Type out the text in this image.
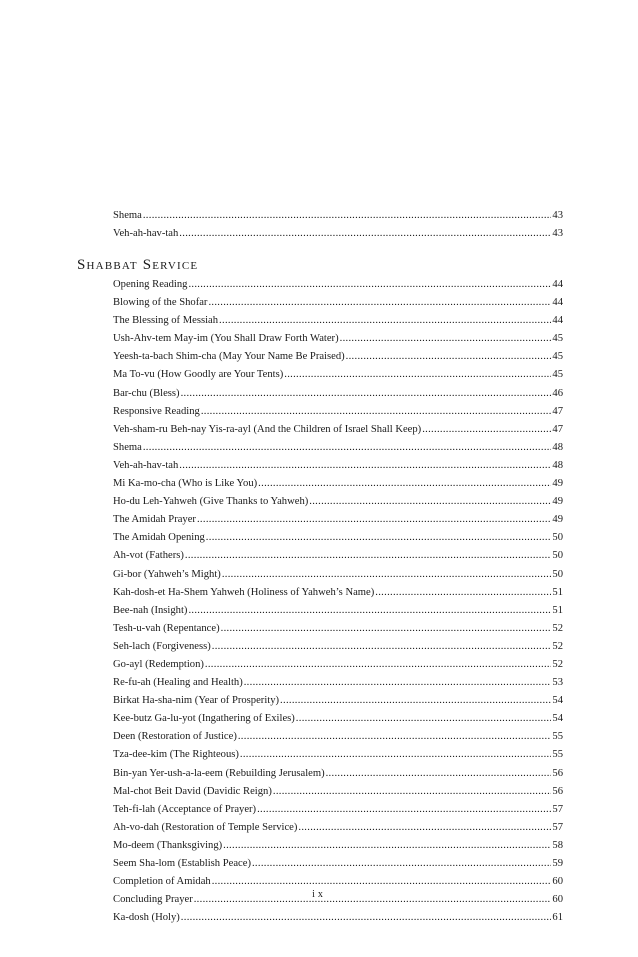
Shema .....	43
Veh-ah-hav-tah .....	43
Shabbat Service
Opening Reading .....	44
Blowing of the Shofar .....	44
The Blessing of Messiah .....	44
Ush-Ahv-tem May-im (You Shall Draw Forth Water) .....	45
Yeesh-ta-bach Shim-cha (May Your Name Be Praised) .....	45
Ma To-vu (How Goodly are Your Tents) .....	45
Bar-chu (Bless) .....	46
Responsive Reading .....	47
Veh-sham-ru Beh-nay Yis-ra-ayl (And the Children of Israel Shall Keep) .....	47
Shema .....	48
Veh-ah-hav-tah .....	48
Mi Ka-mo-cha (Who is Like You) .....	49
Ho-du Leh-Yahweh (Give Thanks to Yahweh) .....	49
The Amidah Prayer .....	49
The Amidah Opening .....	50
Ah-vot (Fathers) .....	50
Gi-bor (Yahweh’s Might) .....	50
Kah-dosh-et Ha-Shem Yahweh (Holiness of Yahweh’s Name) .....	51
Bee-nah (Insight) .....	51
Tesh-u-vah (Repentance) .....	52
Seh-lach (Forgiveness) .....	52
Go-ayl (Redemption) .....	52
Re-fu-ah (Healing and Health) .....	53
Birkat Ha-sha-nim (Year of Prosperity) .....	54
Kee-butz Ga-lu-yot (Ingathering of Exiles) .....	54
Deen (Restoration of Justice) .....	55
Tza-dee-kim (The Righteous) .....	55
Bin-yan Yer-ush-a-la-eem (Rebuilding Jerusalem) .....	56
Mal-chot Beit David (Davidic Reign) .....	56
Teh-fi-lah (Acceptance of Prayer) .....	57
Ah-vo-dah (Restoration of Temple Service) .....	57
Mo-deem (Thanksgiving) .....	58
Seem Sha-lom (Establish Peace) .....	59
Completion of Amidah .....	60
Concluding Prayer .....	60
Ka-dosh (Holy) .....	61
ix
